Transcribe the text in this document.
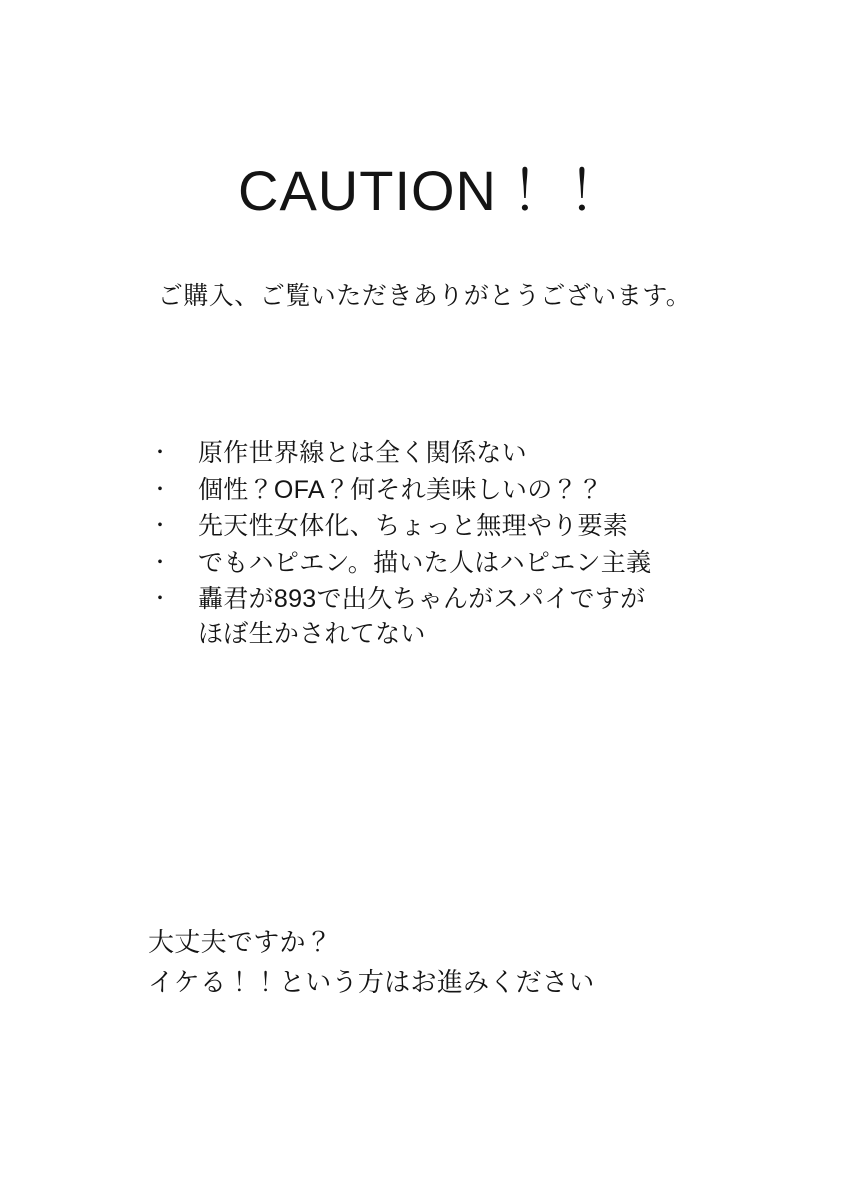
CAUTION！！
ご購入、ご覧いただきありがとうございます。
・	原作世界線とは全く関係ない
・	個性？OFA？何それ美味しいの？？
・	先天性女体化、ちょっと無理やり要素
・	でもハピエン。描いた人はハピエン主義
・	轟君が893で出久ちゃんがスパイですが
ほぼ生かされてない
大丈夫ですか？
イケる！！という方はお進みください
